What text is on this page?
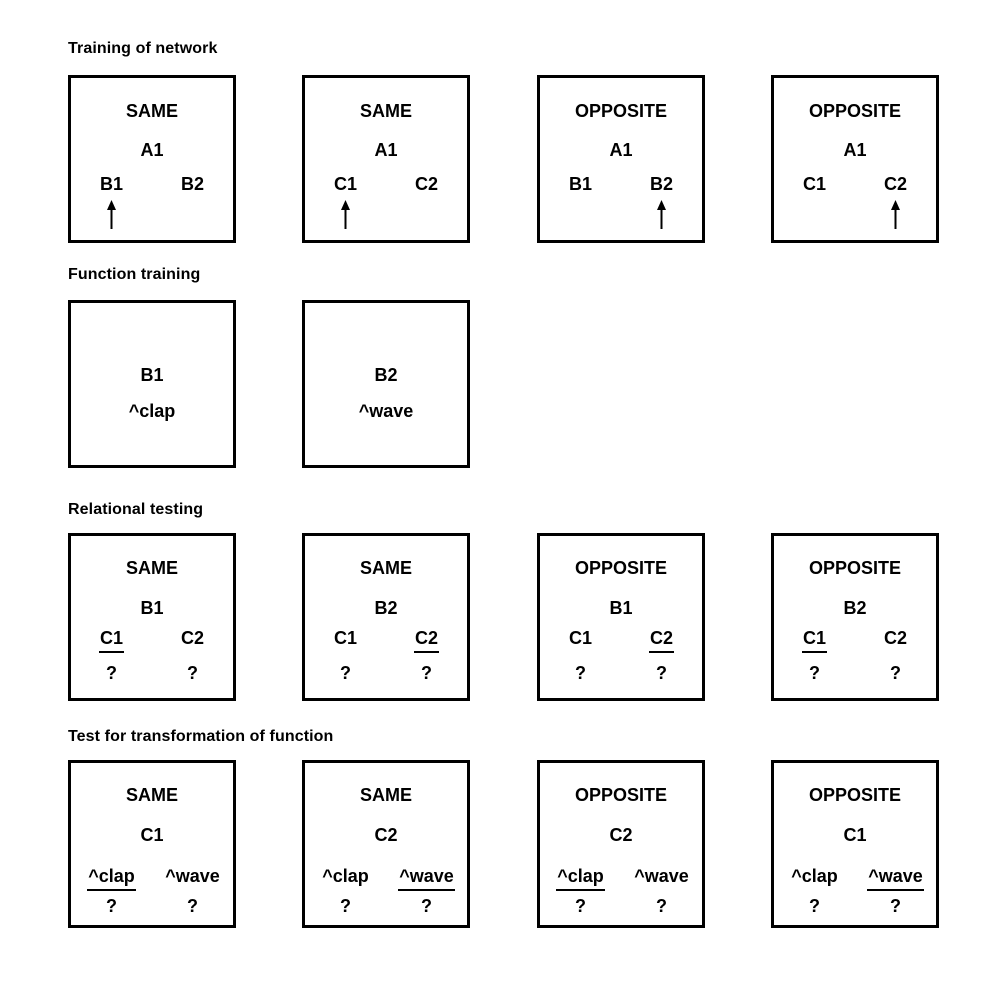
Training of network
SAME
A1
B1	B2
SAME
A1
C1	C2
OPPOSITE
A1
B1	B2
OPPOSITE
A1
C1	C2
Function training
B1
^clap
B2
^wave
Relational testing
SAME
B1
C1	C2
?	?
SAME
B2
C1	C2
?	?
OPPOSITE
B1
C1	C2
?	?
OPPOSITE
B2
C1	C2
?	?
Test for transformation of function
SAME
C1
^clap	^wave
?	?
SAME
C2
^clap	^wave
?	?
OPPOSITE
C2
^clap	^wave
?	?
OPPOSITE
C1
^clap	^wave
?	?
